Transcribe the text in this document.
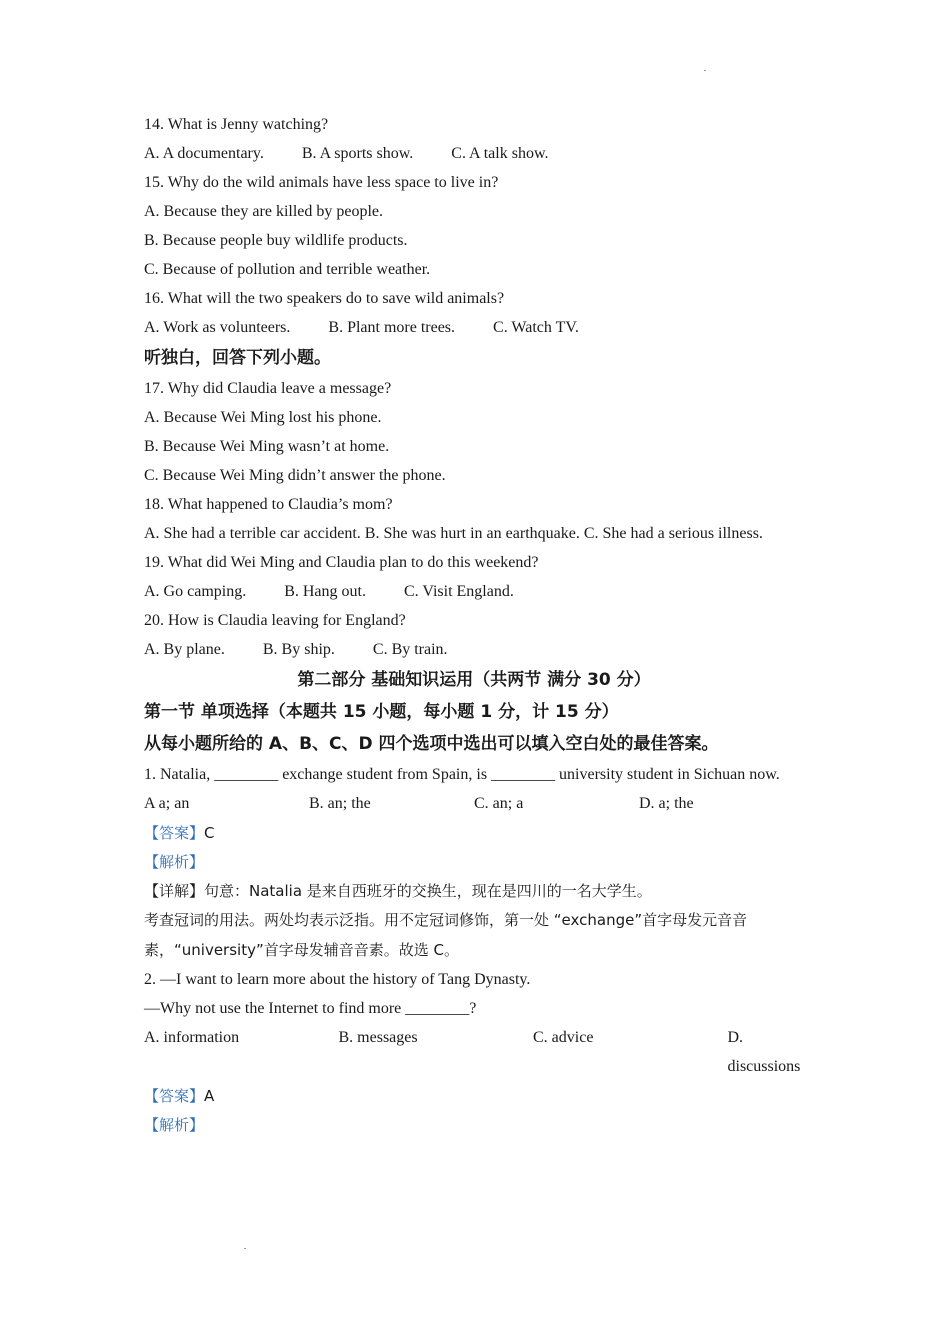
14. What is Jenny watching?
A. A documentary. B. A sports show. C. A talk show.
15. Why do the wild animals have less space to live in?
A. Because they are killed by people.
B. Because people buy wildlife products.
C. Because of pollution and terrible weather.
16. What will the two speakers do to save wild animals?
A. Work as volunteers. B. Plant more trees. C. Watch TV.
听独白，回答下列小题。
17. Why did Claudia leave a message?
A. Because Wei Ming lost his phone.
B. Because Wei Ming wasn’t at home.
C. Because Wei Ming didn’t answer the phone.
18. What happened to Claudia’s mom?
A. She had a terrible car accident. B. She was hurt in an earthquake. C. She had a serious illness.
19. What did Wei Ming and Claudia plan to do this weekend?
A. Go camping. B. Hang out. C. Visit England.
20. How is Claudia leaving for England?
A. By plane. B. By ship. C. By train.
第二部分 基础知识运用（共两节 满分 30 分）
第一节 单项选择（本题共 15 小题，每小题 1 分，计 15 分）
从每小题所给的 A、B、C、D 四个选项中选出可以填入空白处的最佳答案。
1. Natalia, ________ exchange student from Spain, is ________ university student in Sichuan now.
A a; an	B. an; the	C. an; a	D. a; the
【答案】C
【解析】
【详解】句意：Natalia 是来自西班牙的交换生，现在是四川的一名大学生。
考查冠词的用法。两处均表示泛指。用不定冠词修饰，第一处 “exchange”首字母发元音音素，“university”首字母发辅音音素。故选 C。
2. —I want to learn more about the history of Tang Dynasty.
—Why not use the Internet to find more ________?
A. information	B. messages	C. advice	D. discussions
【答案】A
【解析】
